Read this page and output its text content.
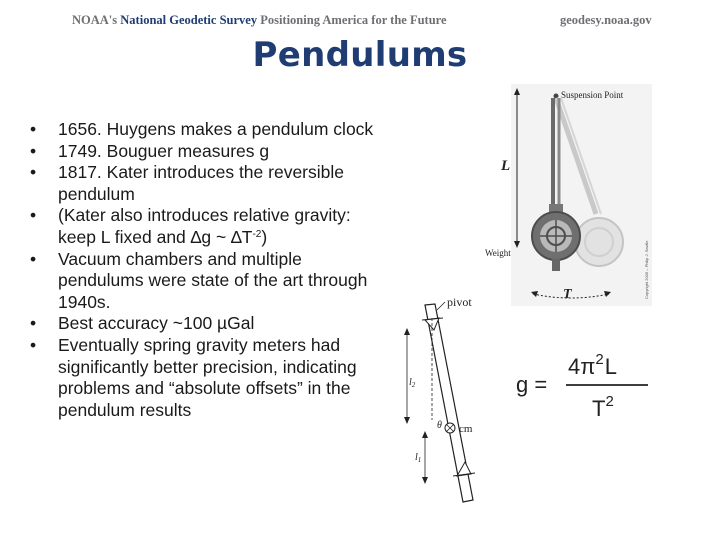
NOAA's National Geodetic Survey Positioning America for the Future	geodesy.noaa.gov
Pendulums
• 1656. Huygens makes a pendulum clock
• 1749. Bouguer measures g
• 1817. Kater introduces the reversible pendulum
• (Kater also introduces relative gravity: keep L fixed and ∆g ~ $\Delta T^{-2}$)
• Vacuum chambers and multiple pendulums were state of the art through 1940s.
• Best accuracy ~100 µGal
• Eventually spring gravity meters had significantly better precision, indicating problems and “absolute offsets” in the pendulum results
Suspension Point
L
Weight
T	Copyright 2006 – Philip J. Saville
pivot
cm
θ
$l_2$
$l_1$
g =
$4\pi^2L$
$T^2$
